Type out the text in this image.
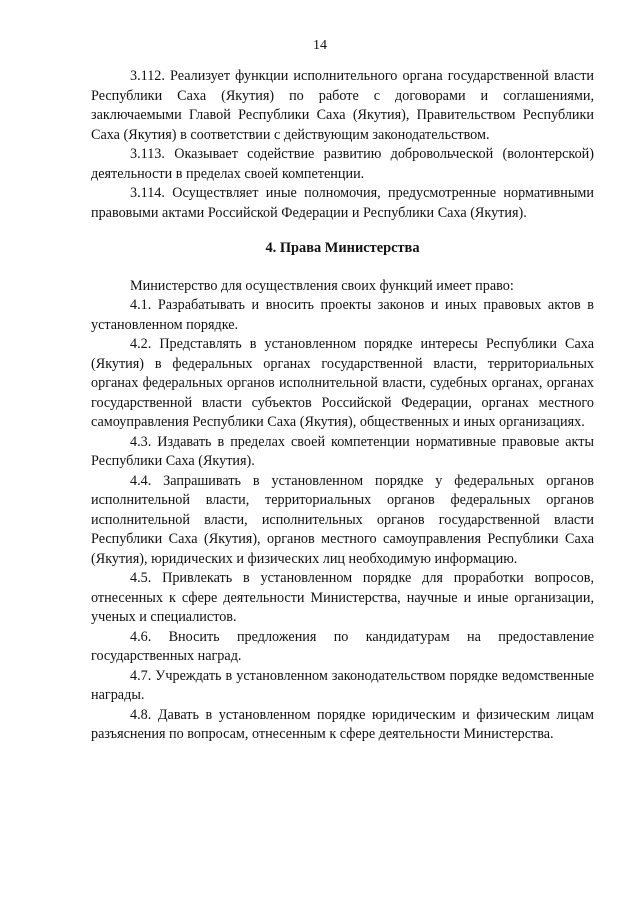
14

3.112. Реализует функции исполнительного органа государственной власти Республики Саха (Якутия) по работе с договорами и соглашениями, заключаемыми Главой Республики Саха (Якутия), Правительством Республики Саха (Якутия) в соответствии с действующим законодательством.

3.113. Оказывает содействие развитию добровольческой (волонтерской) деятельности в пределах своей компетенции.

3.114. Осуществляет иные полномочия, предусмотренные нормативными правовыми актами Российской Федерации и Республики Саха (Якутия).

4. Права Министерства

Министерство для осуществления своих функций имеет право:

4.1. Разрабатывать и вносить проекты законов и иных правовых актов в установленном порядке.

4.2. Представлять в установленном порядке интересы Республики Саха (Якутия) в федеральных органах государственной власти, территориальных органах федеральных органов исполнительной власти, судебных органах, органах государственной власти субъектов Российской Федерации, органах местного самоуправления Республики Саха (Якутия), общественных и иных организациях.

4.3. Издавать в пределах своей компетенции нормативные правовые акты Республики Саха (Якутия).

4.4. Запрашивать в установленном порядке у федеральных органов исполнительной власти, территориальных органов федеральных органов исполнительной власти, исполнительных органов государственной власти Республики Саха (Якутия), органов местного самоуправления Республики Саха (Якутия), юридических и физических лиц необходимую информацию.

4.5. Привлекать в установленном порядке для проработки вопросов, отнесенных к сфере деятельности Министерства, научные и иные организации, ученых и специалистов.

4.6. Вносить предложения по кандидатурам на предоставление государственных наград.

4.7. Учреждать в установленном законодательством порядке ведомственные награды.

4.8. Давать в установленном порядке юридическим и физическим лицам разъяснения по вопросам, отнесенным к сфере деятельности Министерства.
